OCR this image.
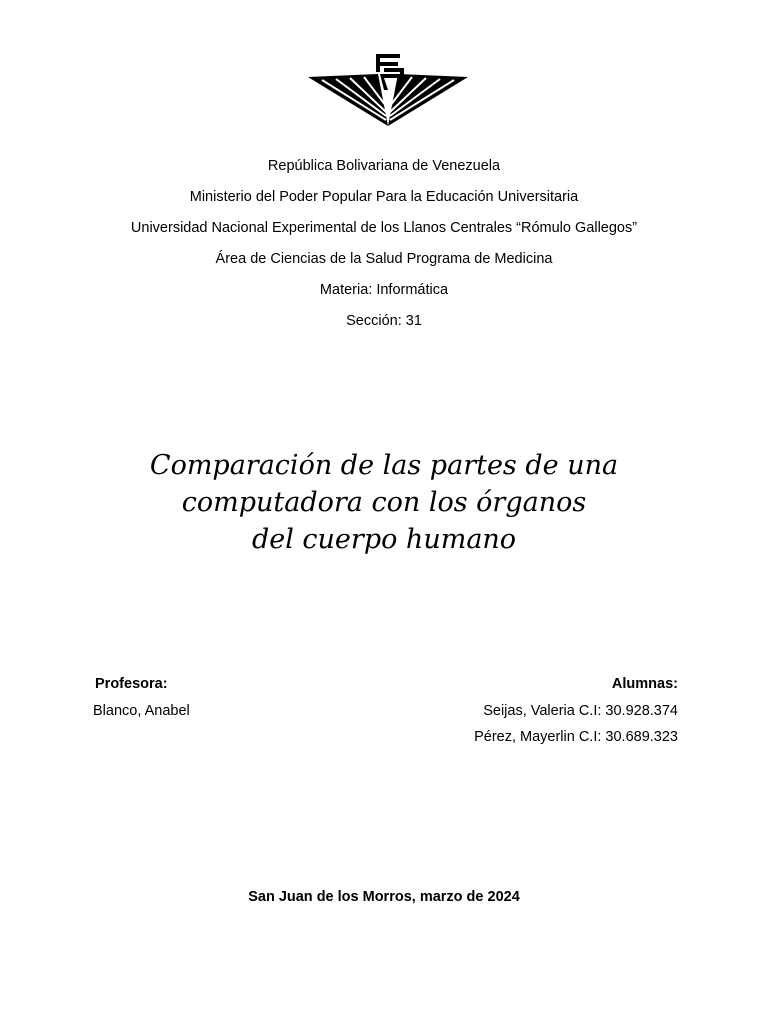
República Bolivariana de Venezuela
Ministerio del Poder Popular Para la Educación Universitaria
Universidad Nacional Experimental de los Llanos Centrales “Rómulo Gallegos”
Área de Ciencias de la Salud Programa de Medicina
Materia: Informática
Sección: 31
Comparación de las partes de una
computadora con los órganos
del cuerpo humano
Profesora:
Blanco, Anabel
Alumnas:
Seijas, Valeria C.I: 30.928.374
Pérez, Mayerlin C.I: 30.689.323
San Juan de los Morros, marzo de 2024
